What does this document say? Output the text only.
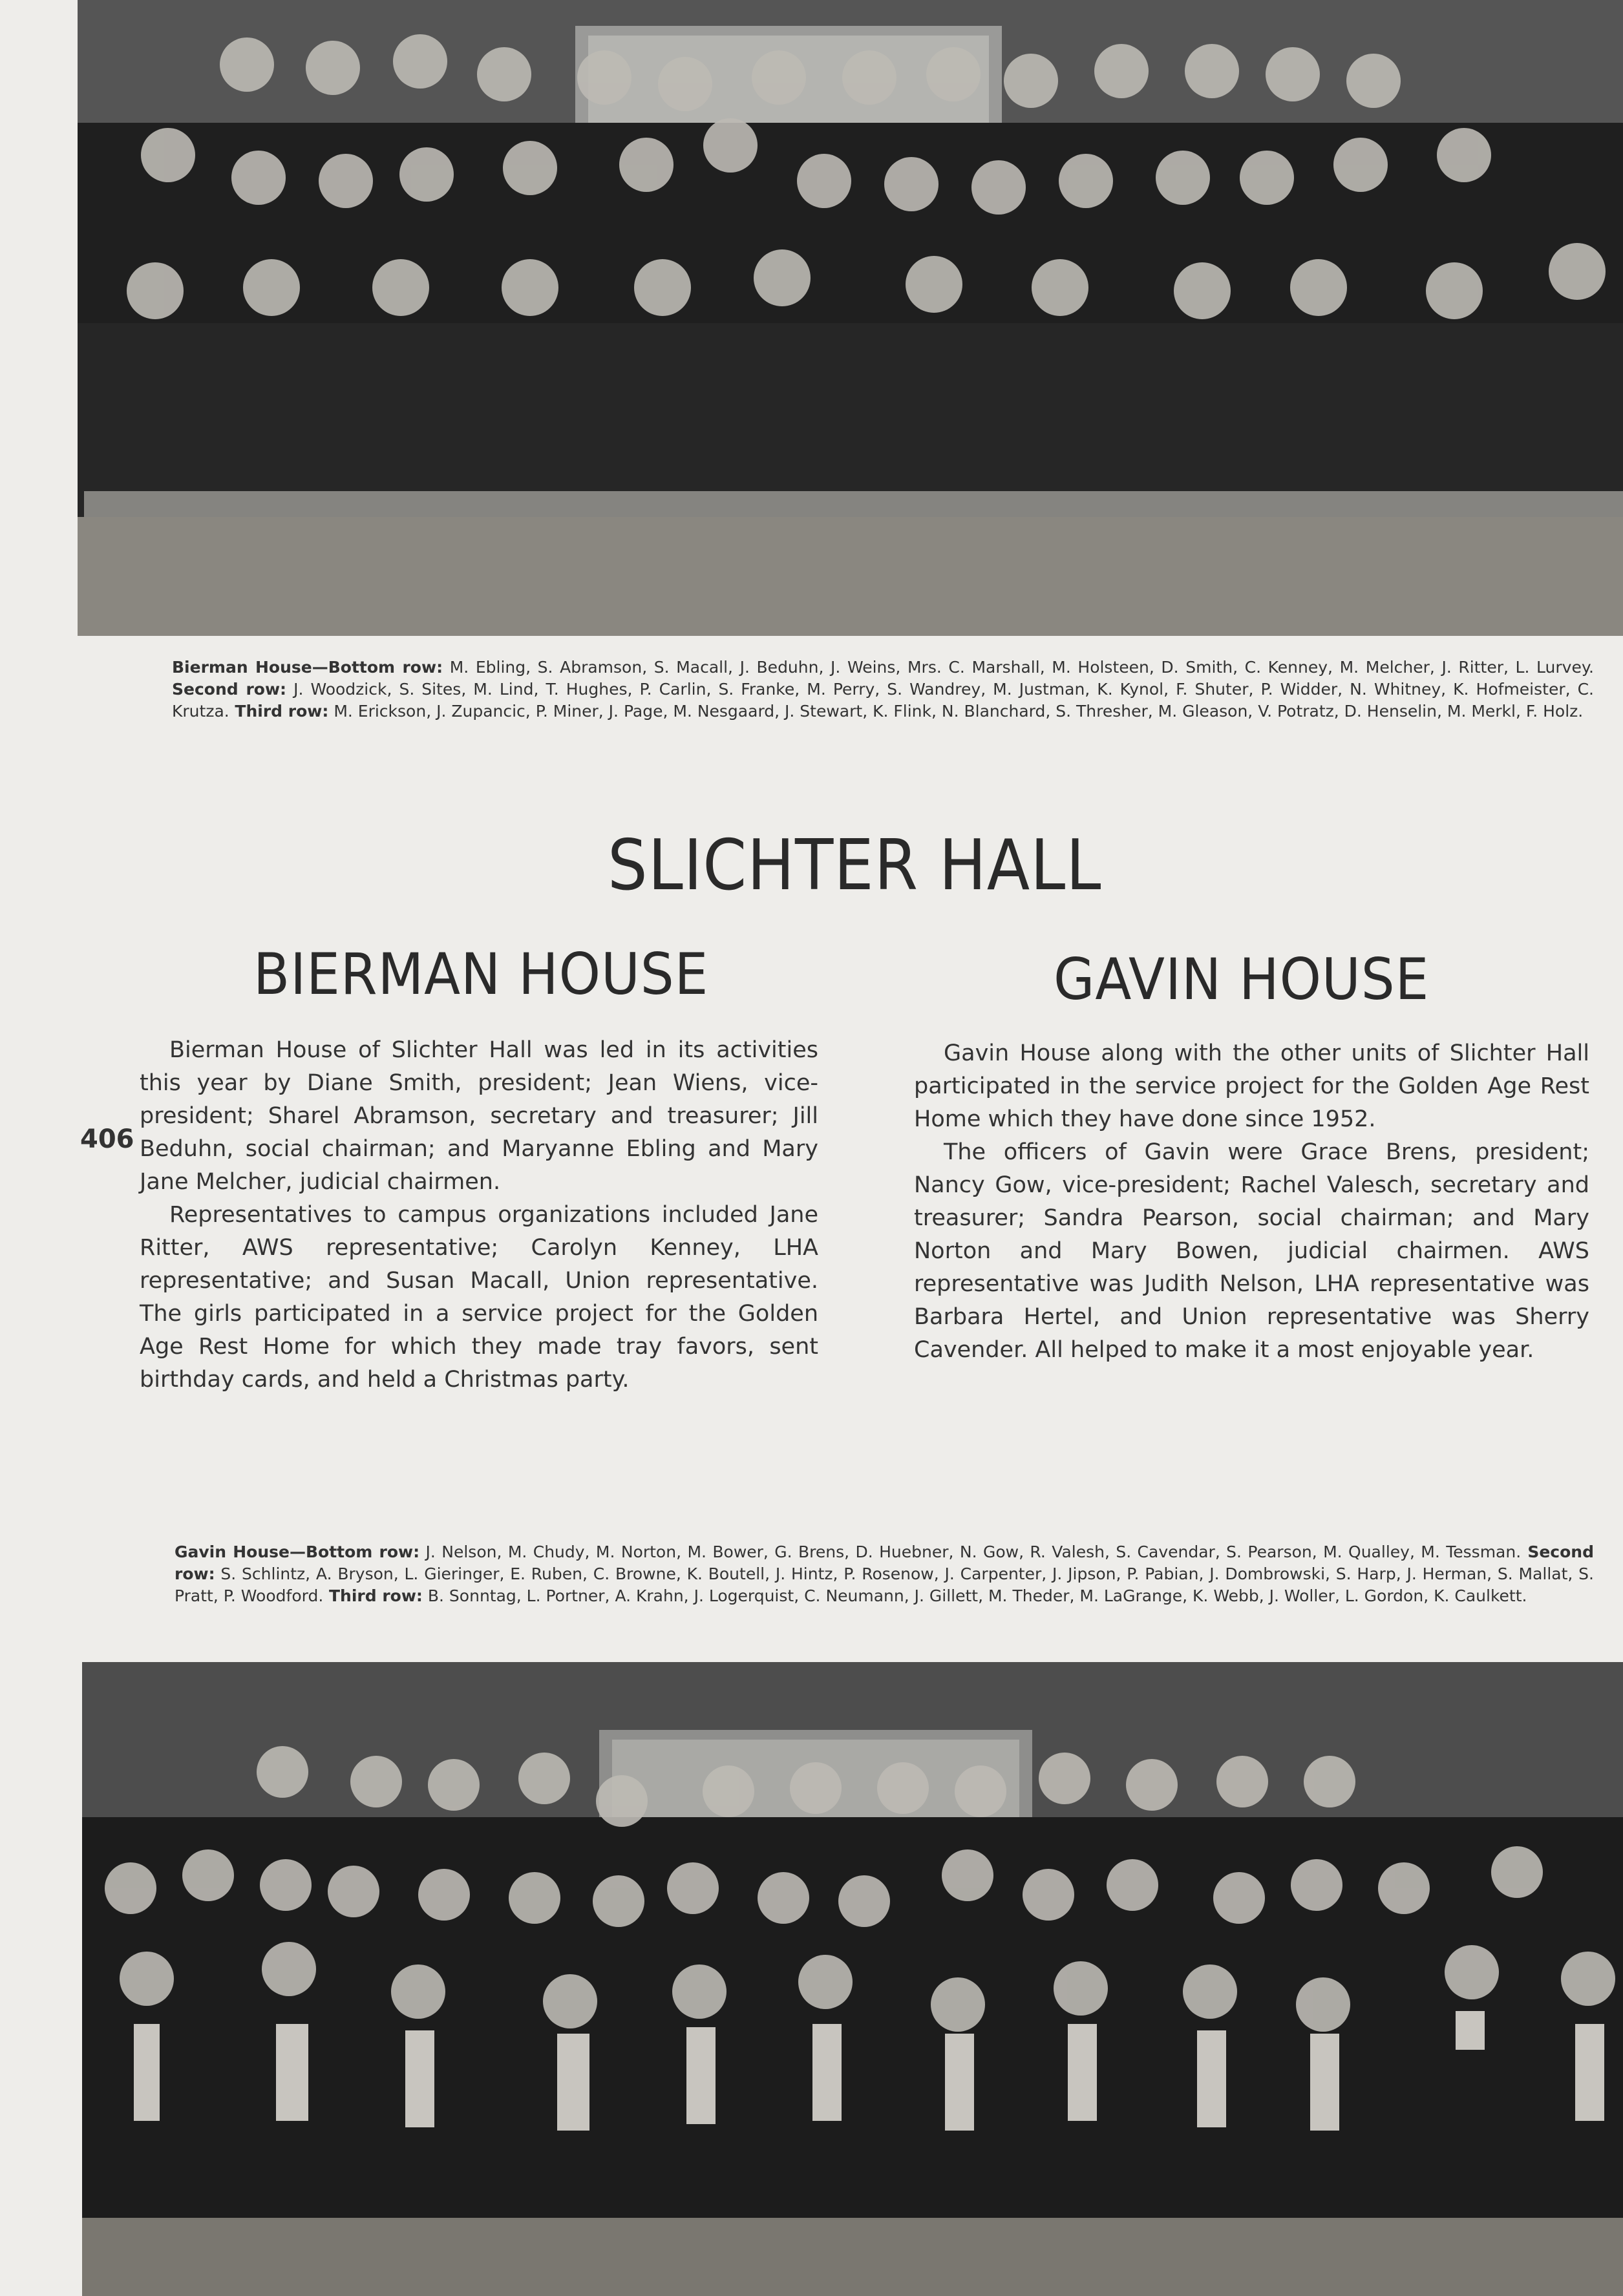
Bierman House—Bottom row: M. Ebling, S. Abramson, S. Macall, J. Beduhn, J. Weins, Mrs. C. Marshall, M. Holsteen, D. Smith, C. Kenney, M. Melcher, J. Ritter, L. Lurvey. Second row: J. Woodzick, S. Sites, M. Lind, T. Hughes, P. Carlin, S. Franke, M. Perry, S. Wandrey, M. Justman, K. Kynol, F. Shuter, P. Widder, N. Whitney, K. Hofmeister, C. Krutza. Third row: M. Erickson, J. Zupancic, P. Miner, J. Page, M. Nesgaard, J. Stewart, K. Flink, N. Blanchard, S. Thresher, M. Gleason, V. Potratz, D. Henselin, M. Merkl, F. Holz.
SLICHTER HALL
BIERMAN HOUSE	GAVIN HOUSE
406

Bierman House of Slichter Hall was led in its activities this year by Diane Smith, president; Jean Wiens, vice-president; Sharel Abramson, secretary and treasurer; Jill Beduhn, social chairman; and Maryanne Ebling and Mary Jane Melcher, judicial chairmen.

Representatives to campus organizations included Jane Ritter, AWS representative; Carolyn Kenney, LHA representative; and Susan Macall, Union representative. The girls participated in a service project for the Golden Age Rest Home for which they made tray favors, sent birthday cards, and held a Christmas party.

Gavin House along with the other units of Slichter Hall participated in the service project for the Golden Age Rest Home which they have done since 1952.

The officers of Gavin were Grace Brens, president; Nancy Gow, vice-president; Rachel Valesch, secretary and treasurer; Sandra Pearson, social chairman; and Mary Norton and Mary Bowen, judicial chairmen. AWS representative was Judith Nelson, LHA representative was Barbara Hertel, and Union representative was Sherry Cavender. All helped to make it a most enjoyable year.

Gavin House—Bottom row: J. Nelson, M. Chudy, M. Norton, M. Bower, G. Brens, D. Huebner, N. Gow, R. Valesh, S. Cavendar, S. Pearson, M. Qualley, M. Tessman. Second row: S. Schlintz, A. Bryson, L. Gieringer, E. Ruben, C. Browne, K. Boutell, J. Hintz, P. Rosenow, J. Carpenter, J. Jipson, P. Pabian, J. Dombrowski, S. Harp, J. Herman, S. Mallat, S. Pratt, P. Woodford. Third row: B. Sonntag, L. Portner, A. Krahn, J. Logerquist, C. Neumann, J. Gillett, M. Theder, M. LaGrange, K. Webb, J. Woller, L. Gordon, K. Caulkett.
